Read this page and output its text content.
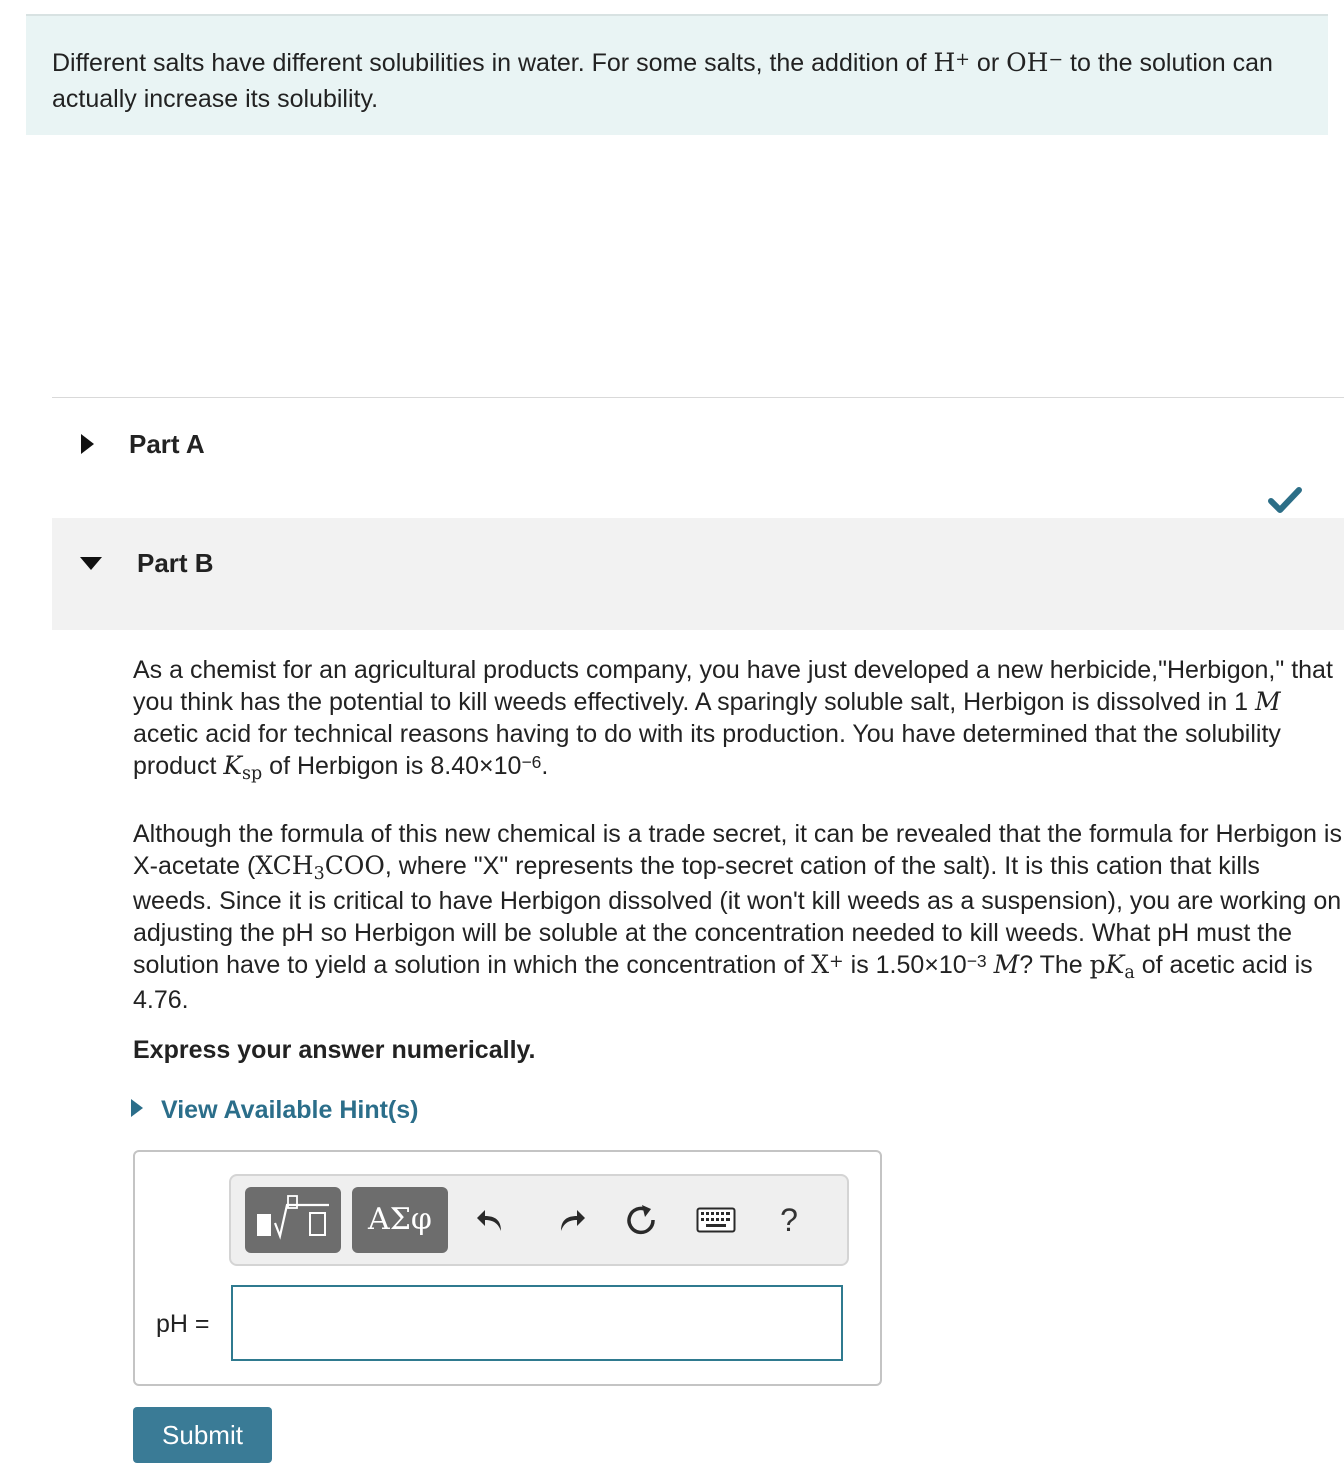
Different salts have different solubilities in water. For some salts, the addition of H+ or OH− to the solution can actually increase its solubility.
Part A
Part B
As a chemist for an agricultural products company, you have just developed a new herbicide,"Herbigon," that you think has the potential to kill weeds effectively. A sparingly soluble salt, Herbigon is dissolved in 1 M acetic acid for technical reasons having to do with its production. You have determined that the solubility product $K_{sp}$ of Herbigon is $8.40\times 10^{-6}$.
Although the formula of this new chemical is a trade secret, it can be revealed that the formula for Herbigon is X-acetate ($XCH_3COO$, where "X" represents the top-secret cation of the salt). It is this cation that kills weeds. Since it is critical to have Herbigon dissolved (it won't kill weeds as a suspension), you are working on adjusting the pH so Herbigon will be soluble at the concentration needed to kill weeds. What pH must the solution have to yield a solution in which the concentration of X+ is $1.50\times 10^{-3}$ M? The $pK_a$ of acetic acid is 4.76.
Express your answer numerically.
View Available Hint(s)
ΑΣφ	?
pH =
Submit
